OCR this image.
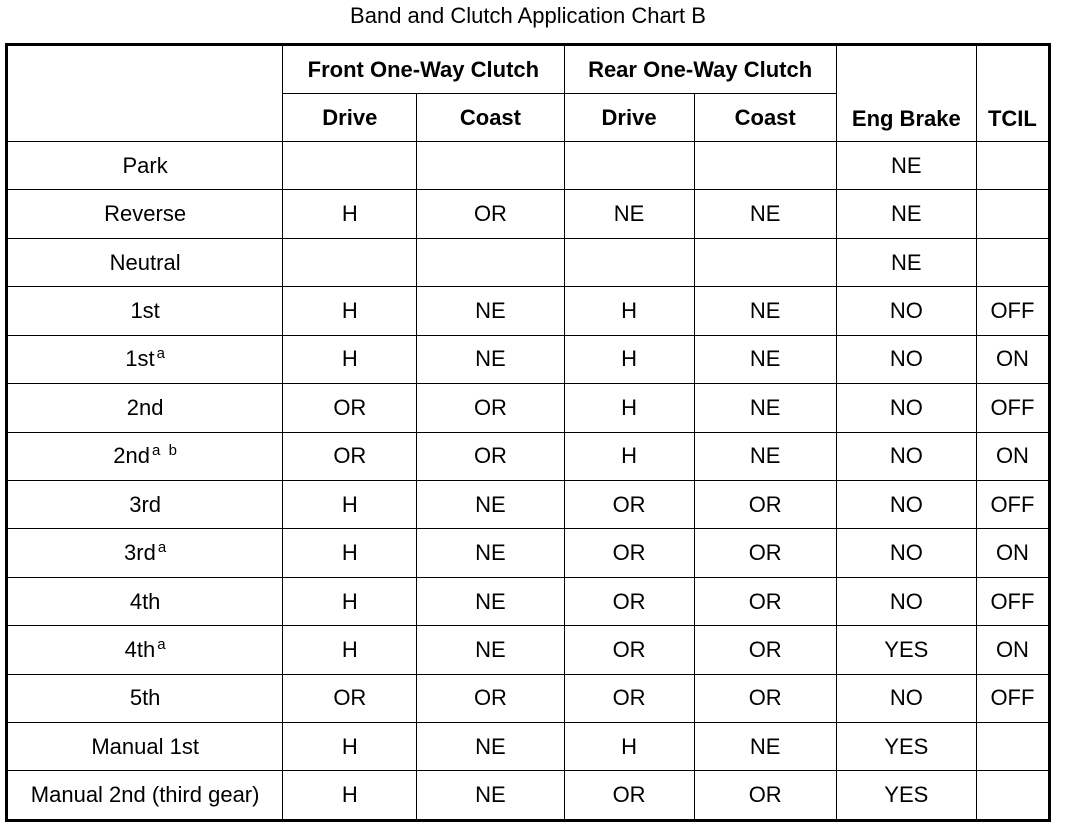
Band and Clutch Application Chart B
	Front One-Way Clutch		Rear One-Way Clutch		Eng Brake	TCIL
	Drive	Coast	Drive	Coast		
Park					NE	
Reverse	H	OR	NE	NE	NE	
Neutral					NE	
1st	H	NE	H	NE	NO	OFF
1st $^a$	H	NE	H	NE	NO	ON
2nd	OR	OR	H	NE	NO	OFF
2nd $^{a b}$	OR	OR	H	NE	NO	ON
3rd	H	NE	OR	OR	NO	OFF
3rd $^a$	H	NE	OR	OR	NO	ON
4th	H	NE	OR	OR	NO	OFF
4th $^a$	H	NE	OR	OR	YES	ON
5th	OR	OR	OR	OR	NO	OFF
Manual 1st	H	NE	H	NE	YES	
Manual 2nd (third gear)	H	NE	OR	OR	YES	
